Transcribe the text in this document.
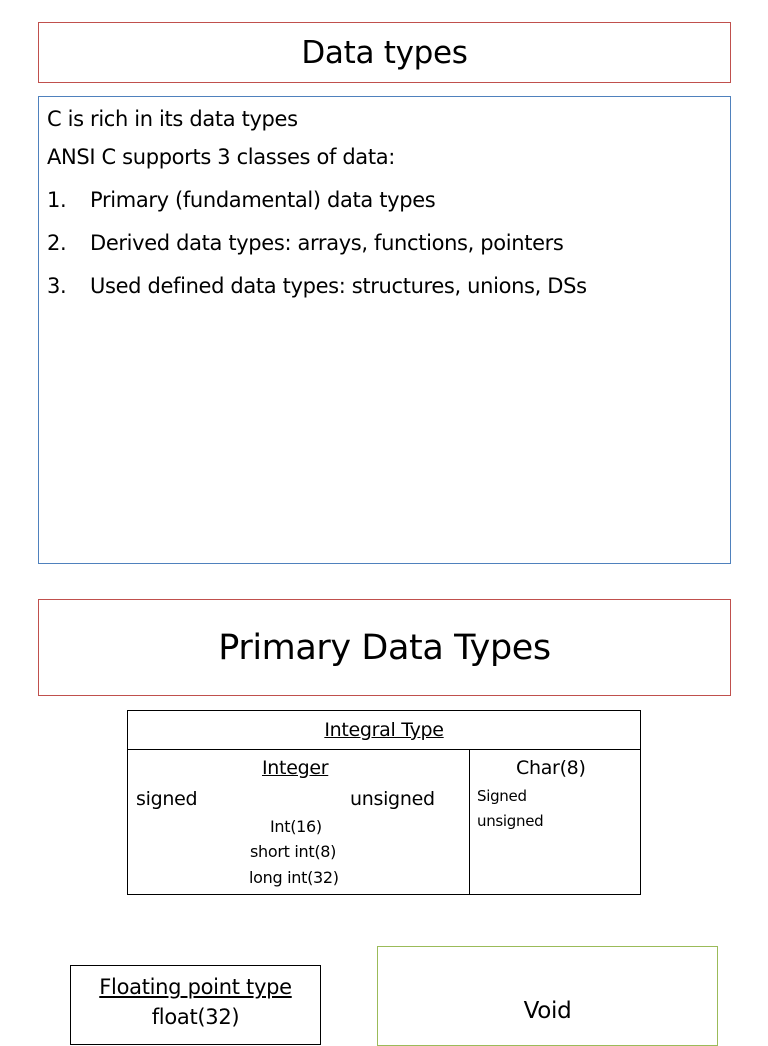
Data types
C is rich in its data types
ANSI C supports 3 classes of data:
1. Primary (fundamental) data types
2. Derived data types: arrays, functions, pointers
3. Used defined data types: structures, unions, DSs
Primary Data Types
Integral Type
Integer
signed	unsigned
Int(16)
short int(8)
long int(32)
Char(8)
Signed
unsigned
Floating point type
float(32)	Void
